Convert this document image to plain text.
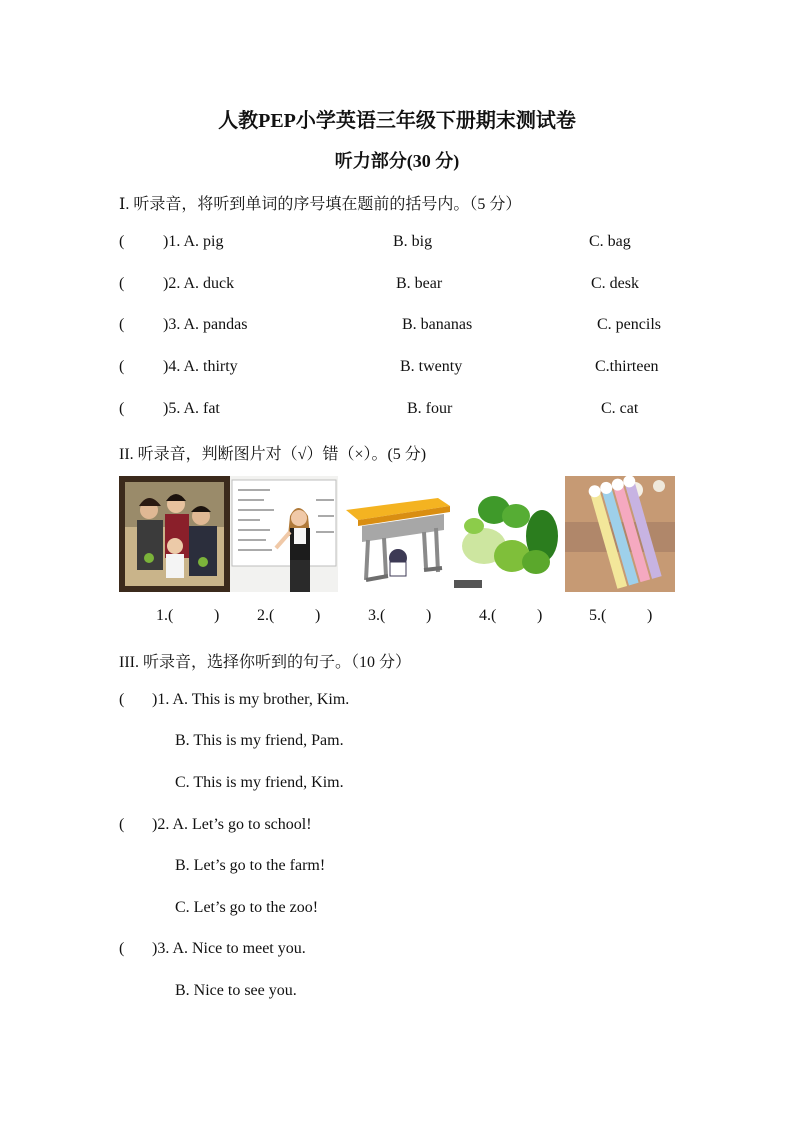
人教PEP小学英语三年级下册期末测试卷
听力部分(30 分)
Ⅰ. 听录音，将听到单词的序号填在题前的括号内。（5 分）
( )1. A. pig	B. big	C. bag
( )2. A. duck	B. bear	C. desk
( )3. A. pandas	B. bananas	C. pencils
( )4. A. thirty	B. twenty	C.thirteen
( )5. A. fat	B. four	C. cat
II. 听录音，判断图片对（√）错（×）。(5 分)
1.(	) 2.(	)	3.(	)	4.(	)	5.(	)
III. 听录音，选择你听到的句子。（10 分）
( )1. A. This is my brother, Kim.
B. This is my friend, Pam.
C. This is my friend, Kim.
( )2. A. Let’s go to school!
B. Let’s go to the farm!
C. Let’s go to the zoo!
( )3. A. Nice to meet you.
B. Nice to see you.
